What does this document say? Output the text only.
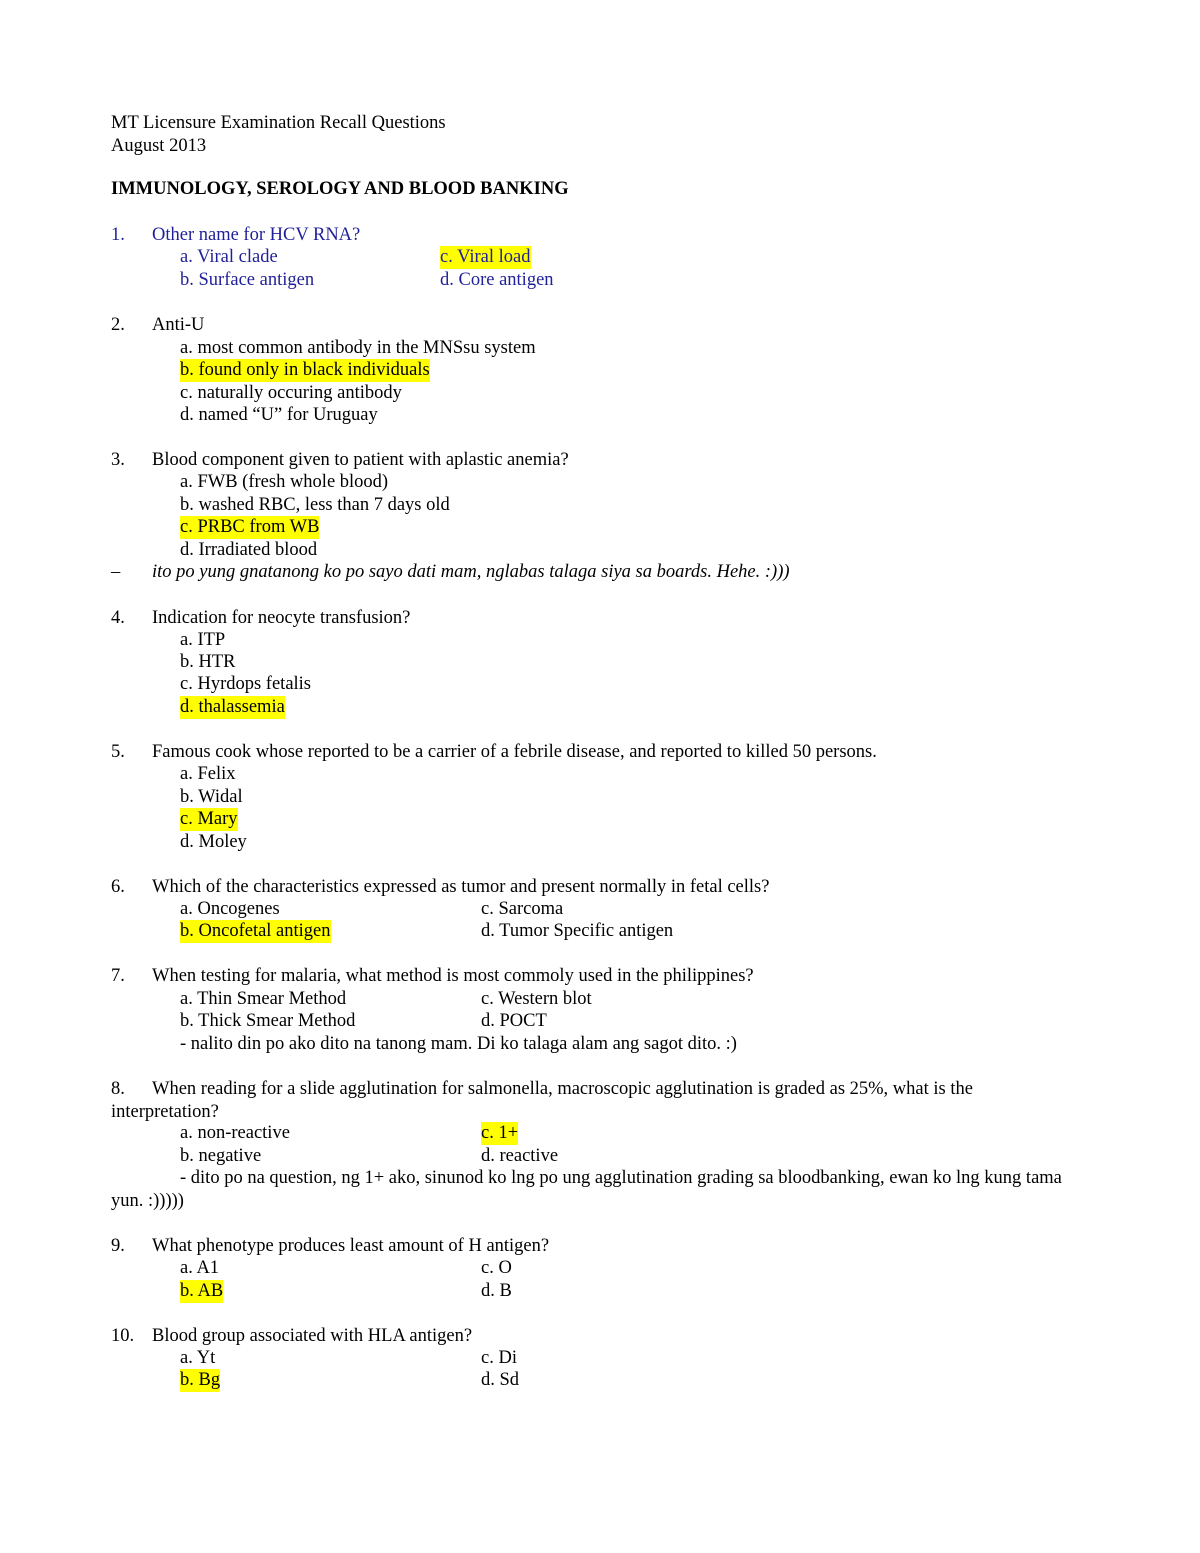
MT Licensure Examination Recall Questions
August 2013
IMMUNOLOGY, SEROLOGY AND BLOOD BANKING
1. Other name for HCV RNA?
a. Viral clade
b. Surface antigen
c. Viral load
d. Core antigen
2. Anti-U
a. most common antibody in the MNSsu system
b. found only in black individuals
c. naturally occuring antibody
d. named “U” for Uruguay
3. Blood component given to patient with aplastic anemia?
a. FWB (fresh whole blood)
b. washed RBC, less than 7 days old
c. PRBC from WB
d. Irradiated blood
– ito po yung gnatanong ko po sayo dati mam, nglabas talaga siya sa boards. Hehe. :)))
4. Indication for neocyte transfusion?
a. ITP
b. HTR
c. Hyrdops fetalis
d. thalassemia
5. Famous cook whose reported to be a carrier of a febrile disease, and reported to killed 50 persons.
a. Felix
b. Widal
c. Mary
d. Moley
6. Which of the characteristics expressed as tumor and present normally in fetal cells?
a. Oncogenes
b. Oncofetal antigen
c. Sarcoma
d. Tumor Specific antigen
7. When testing for malaria, what method is most commoly used in the philippines?
a. Thin Smear Method
b. Thick Smear Method
c. Western blot
d. POCT
- nalito din po ako dito na tanong mam. Di ko talaga alam ang sagot dito. :)
8.	When reading for a slide agglutination for salmonella, macroscopic agglutination is graded as 25%, what is the interpretation?
a. non-reactive
b. negative
c. 1+
d. reactive
- dito po na question, ng 1+ ako, sinunod ko lng po ung agglutination grading sa bloodbanking, ewan ko lng kung tama yun. :)))))
9. What phenotype produces least amount of H antigen?
a. A1
b. AB
c. O
d. B
10. Blood group associated with HLA antigen?
a. Yt
b. Bg
c. Di
d. Sd
